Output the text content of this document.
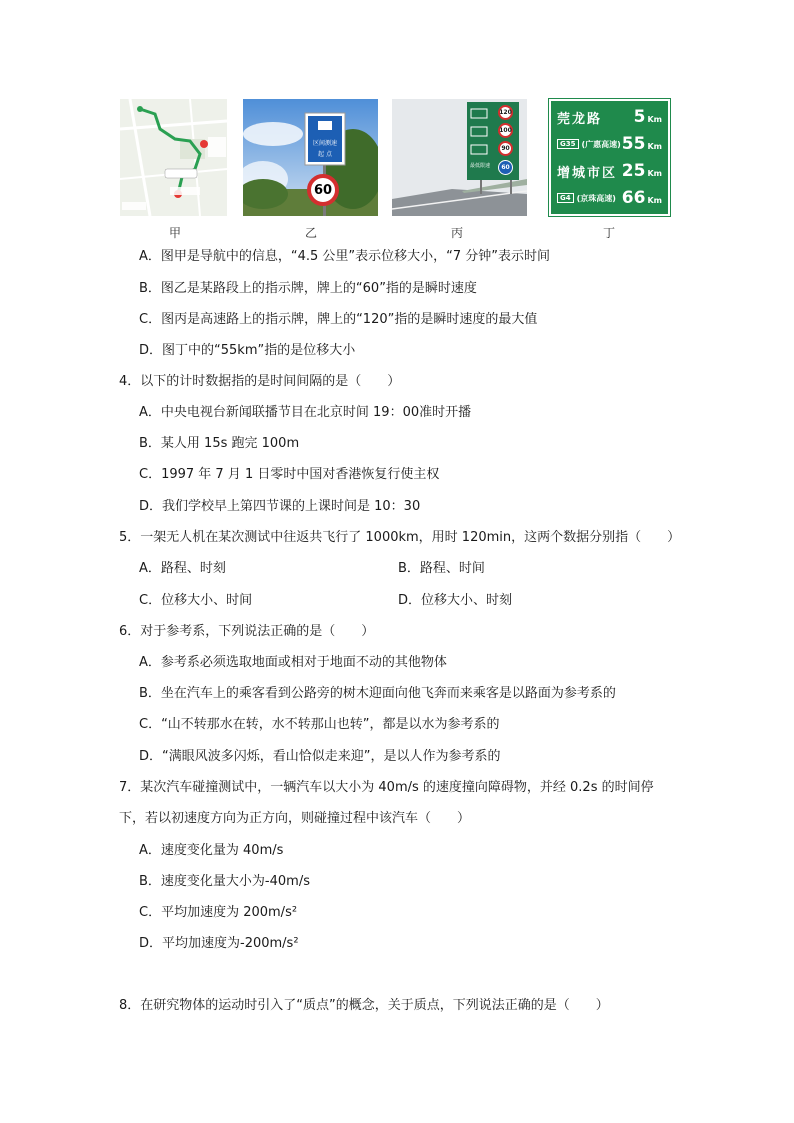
区间测速
起 点
60
120
100
90
最低限速 60
莞龙路	5 Km
G35 (广惠高速) 55 Km
增城市区 25 Km
G4 (京珠高速) 66 Km
甲	乙	丙	丁
A．图甲是导航中的信息，“4.5 公里”表示位移大小，“7 分钟”表示时间
B．图乙是某路段上的指示牌，牌上的“60”指的是瞬时速度
C．图丙是高速路上的指示牌，牌上的“120”指的是瞬时速度的最大值
D．图丁中的“55km”指的是位移大小
4．以下的计时数据指的是时间间隔的是（　　）
A．中央电视台新闻联播节目在北京时间 19：00准时开播
B．某人用 15s 跑完 100m
C．1997 年 7 月 1 日零时中国对香港恢复行使主权
D．我们学校早上第四节课的上课时间是 10：30
5．一架无人机在某次测试中往返共飞行了 1000km，用时 120min，这两个数据分别指（　　）
A．路程、时刻	B．路程、时间
C．位移大小、时间	D．位移大小、时刻
6．对于参考系，下列说法正确的是（　　）
A．参考系必须选取地面或相对于地面不动的其他物体
B．坐在汽车上的乘客看到公路旁的树木迎面向他飞奔而来乘客是以路面为参考系的
C．“山不转那水在转，水不转那山也转”，都是以水为参考系的
D．“满眼风波多闪烁，看山恰似走来迎”，是以人作为参考系的
7．某次汽车碰撞测试中，一辆汽车以大小为 40m/s 的速度撞向障碍物，并经 0.2s 的时间停
下，若以初速度方向为正方向，则碰撞过程中该汽车（　　）
A．速度变化量为 40m/s
B．速度变化量大小为-40m/s
C．平均加速度为 200m/s²
D．平均加速度为-200m/s²
8．在研究物体的运动时引入了“质点”的概念，关于质点，下列说法正确的是（　　）
